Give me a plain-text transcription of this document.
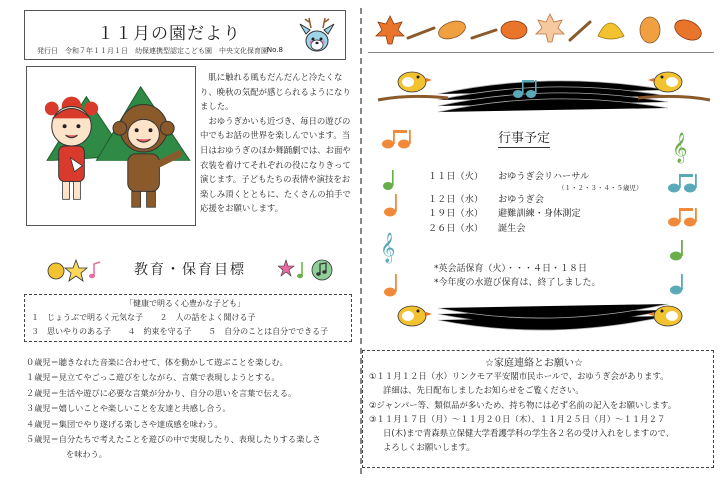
１１月の園だより
発行日　令和７年１１月１日　幼保連携型認定こども園　中央文化保育園
No.8

肌に触れる風もだんだんと冷たくなり、晩秋の気配が感じられるようになりました。

おゆうぎかいも近づき、毎日の遊びの中でもお話の世界を楽しんでいます。当日はおゆうぎのほか舞踊劇では、お面や衣装を着けてそれぞれの役になりきって演じます。子どもたちの表情や演技をお楽しみ頂くとともに、たくさんの拍手で応援をお願いします。

教育・保育目標
「健康で明るく心豊かな子ども」
１　じょうぶで明るく元気な子 ２　人の話をよく聞ける子
３　思いやりのある子 ４　約束を守る子 ５　自分のことは自分でできる子
０歳児＝聴きなれた音楽に合わせて、体を動かして遊ぶことを楽しむ。
１歳児＝見立てやごっこ遊びをしながら、言葉で表現しようとする。
２歳児＝生活や遊びに必要な言葉が分かり、自分の思いを言葉で伝える。
３歳児＝嬉しいことや楽しいことを友達と共感し合う。
４歳児＝集団でやり遂げる楽しさや達成感を味わう。
５歳児＝自分たちで考えたことを遊びの中で実現したり、表現したりする楽しさ
を味わう。
𝄞
𝄞
行事予定
１１日（火） おゆうぎ会リハーサル
（１・２・３・４・５歳児）
１２日（水） おゆうぎ会
１９日（水） 避難訓練・身体測定
２６日（水） 誕生会
*英会話保育（火）・・・４日・１８日
*今年度の水遊び保育は、終了しました。
☆家庭連絡とお願い☆
①１１月１２日（水）リンクモア平安閣市民ホールで、おゆうぎ会があります。
詳細は、先日配布しましたお知らせをご覧ください。
②ジャンパー等、類似品が多いため、持ち物には必ず名前の記入をお願いします。
③１１月１７日（月）～１１月２０日（木）、１１月２５日（月）～１１月２７
日(木)まで青森県立保健大学看護学科の学生各２名の受け入れをしますので、
よろしくお願いします。
